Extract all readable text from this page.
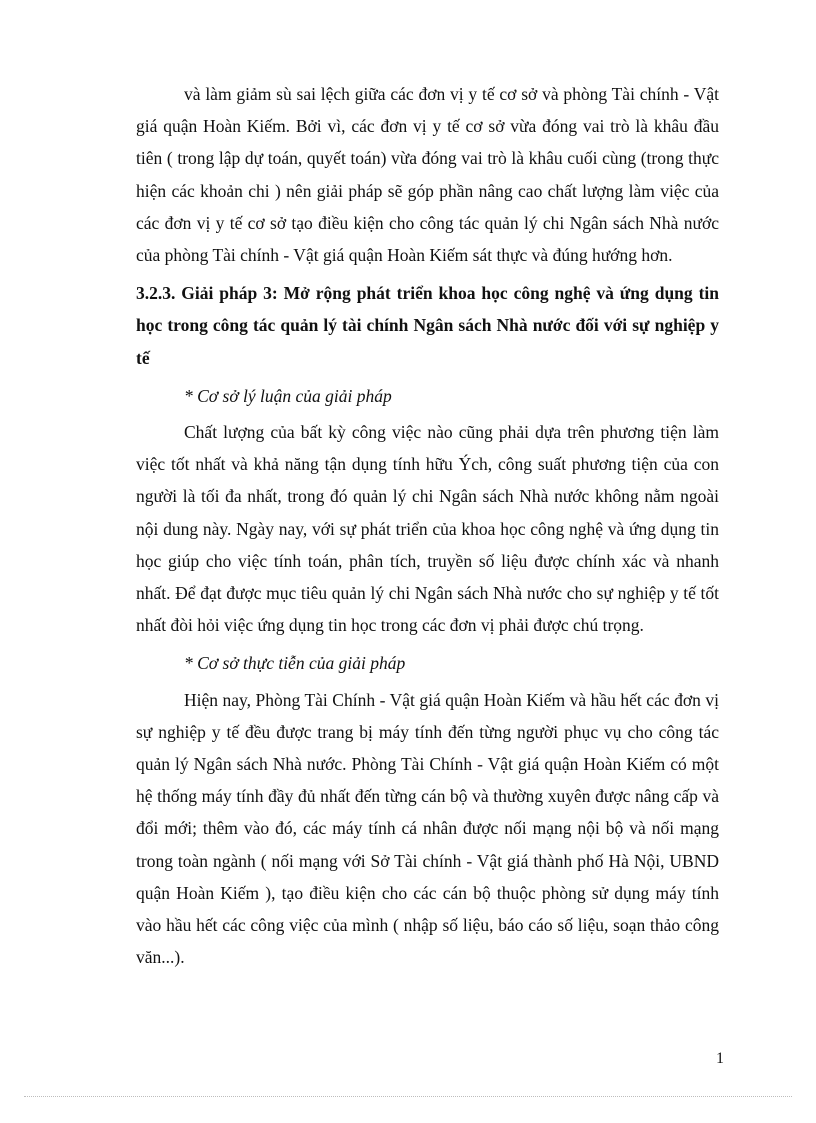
và làm giảm sù sai lệch giữa các đơn vị y tế cơ sở và phòng Tài chính - Vật giá quận Hoàn Kiếm. Bởi vì, các đơn vị y tế cơ sở vừa đóng vai trò là khâu đầu tiên ( trong lập dự toán, quyết toán) vừa đóng vai trò là khâu cuối cùng (trong thực hiện các khoản chi ) nên giải pháp sẽ góp phần nâng cao chất lượng làm việc của các đơn vị y tế cơ sở tạo điều kiện cho công tác quản lý chi Ngân sách Nhà nước của phòng Tài chính - Vật giá quận Hoàn Kiếm sát thực và đúng hướng hơn.

3.2.3. Giải pháp 3: Mở rộng phát triển khoa học công nghệ và ứng dụng tin học trong công tác quản lý tài chính Ngân sách Nhà nước đối với sự nghiệp y tế

* Cơ sở lý luận của giải pháp

Chất lượng của bất kỳ công việc nào cũng phải dựa trên phương tiện làm việc tốt nhất và khả năng tận dụng tính hữu Ých, công suất phương tiện của con người là tối đa nhất, trong đó quản lý chi Ngân sách Nhà nước không nằm ngoài nội dung này. Ngày nay, với sự phát triển của khoa học công nghệ và ứng dụng tin học giúp cho việc tính toán, phân tích, truyền số liệu được chính xác và nhanh nhất. Để đạt được mục tiêu quản lý chi Ngân sách Nhà nước cho sự nghiệp y tế tốt nhất đòi hỏi việc ứng dụng tin học trong các đơn vị phải được chú trọng.

* Cơ sở thực tiễn của giải pháp

Hiện nay, Phòng Tài Chính - Vật giá quận Hoàn Kiếm và hầu hết các đơn vị sự nghiệp y tế đều được trang bị máy tính đến từng người phục vụ cho công tác quản lý Ngân sách Nhà nước. Phòng Tài Chính - Vật giá quận Hoàn Kiếm có một hệ thống máy tính đầy đủ nhất đến từng cán bộ và thường xuyên được nâng cấp và đổi mới; thêm vào đó, các máy tính cá nhân được nối mạng nội bộ và nối mạng trong toàn ngành ( nối mạng với Sở Tài chính - Vật giá thành phố Hà Nội, UBND quận Hoàn Kiếm ), tạo điều kiện cho các cán bộ thuộc phòng sử dụng máy tính vào hầu hết các công việc của mình ( nhập số liệu, báo cáo số liệu, soạn thảo công văn...).

1
